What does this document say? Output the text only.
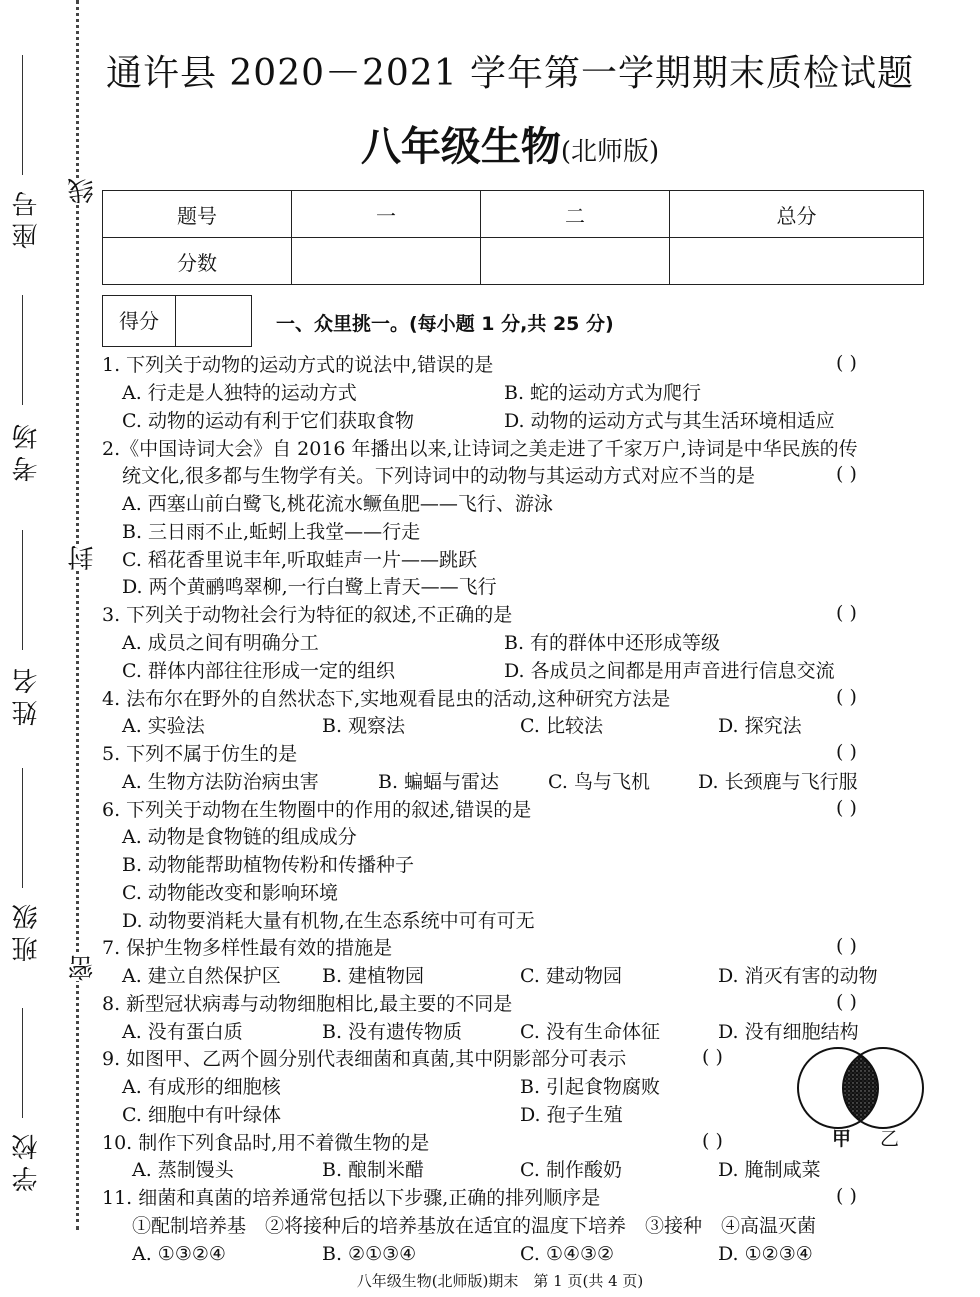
座号
考场
姓名
班级
学校
线
封
密
通许县 2020－2021 学年第一学期期末质检试题
八年级生物(北师版)
题号	一	二	总分
分数			
得分	一、众里挑一。(每小题 1 分,共 25 分)
1. 下列关于动物的运动方式的说法中,错误的是	( )
A. 行走是人独特的运动方式	B. 蛇的运动方式为爬行
C. 动物的运动有利于它们获取食物	D. 动物的运动方式与其生活环境相适应
2.《中国诗词大会》自 2016 年播出以来,让诗词之美走进了千家万户,诗词是中华民族的传
统文化,很多都与生物学有关。下列诗词中的动物与其运动方式对应不当的是	( )
A. 西塞山前白鹭飞,桃花流水鳜鱼肥——飞行、游泳
B. 三日雨不止,蚯蚓上我堂——行走
C. 稻花香里说丰年,听取蛙声一片——跳跃
D. 两个黄鹂鸣翠柳,一行白鹭上青天——飞行
3. 下列关于动物社会行为特征的叙述,不正确的是	( )
A. 成员之间有明确分工	B. 有的群体中还形成等级
C. 群体内部往往形成一定的组织	D. 各成员之间都是用声音进行信息交流
4. 法布尔在野外的自然状态下,实地观看昆虫的活动,这种研究方法是	( )
A. 实验法	B. 观察法	C. 比较法	D. 探究法
5. 下列不属于仿生的是	( )
A. 生物方法防治病虫害	B. 蝙蝠与雷达	C. 鸟与飞机	D. 长颈鹿与飞行服
6. 下列关于动物在生物圈中的作用的叙述,错误的是	( )
A. 动物是食物链的组成成分
B. 动物能帮助植物传粉和传播种子
C. 动物能改变和影响环境
D. 动物要消耗大量有机物,在生态系统中可有可无
7. 保护生物多样性最有效的措施是	( )
A. 建立自然保护区 B. 建植物园	C. 建动物园	D. 消灭有害的动物
8. 新型冠状病毒与动物细胞相比,最主要的不同是	( )
A. 没有蛋白质	B. 没有遗传物质	C. 没有生命体征	D. 没有细胞结构
9. 如图甲、乙两个圆分别代表细菌和真菌,其中阴影部分可表示	( )
A. 有成形的细胞核	B. 引起食物腐败
C. 细胞中有叶绿体	D. 孢子生殖
甲 乙
10. 制作下列食品时,用不着微生物的是	( )
A. 蒸制馒头	B. 酿制米醋	C. 制作酸奶	D. 腌制咸菜
11. 细菌和真菌的培养通常包括以下步骤,正确的排列顺序是	( )
①配制培养基　②将接种后的培养基放在适宜的温度下培养　③接种　④高温灭菌
A. ①③②④	B. ②①③④	C. ①④③②	D. ①②③④
八年级生物(北师版)期末　第 1 页(共 4 页)
